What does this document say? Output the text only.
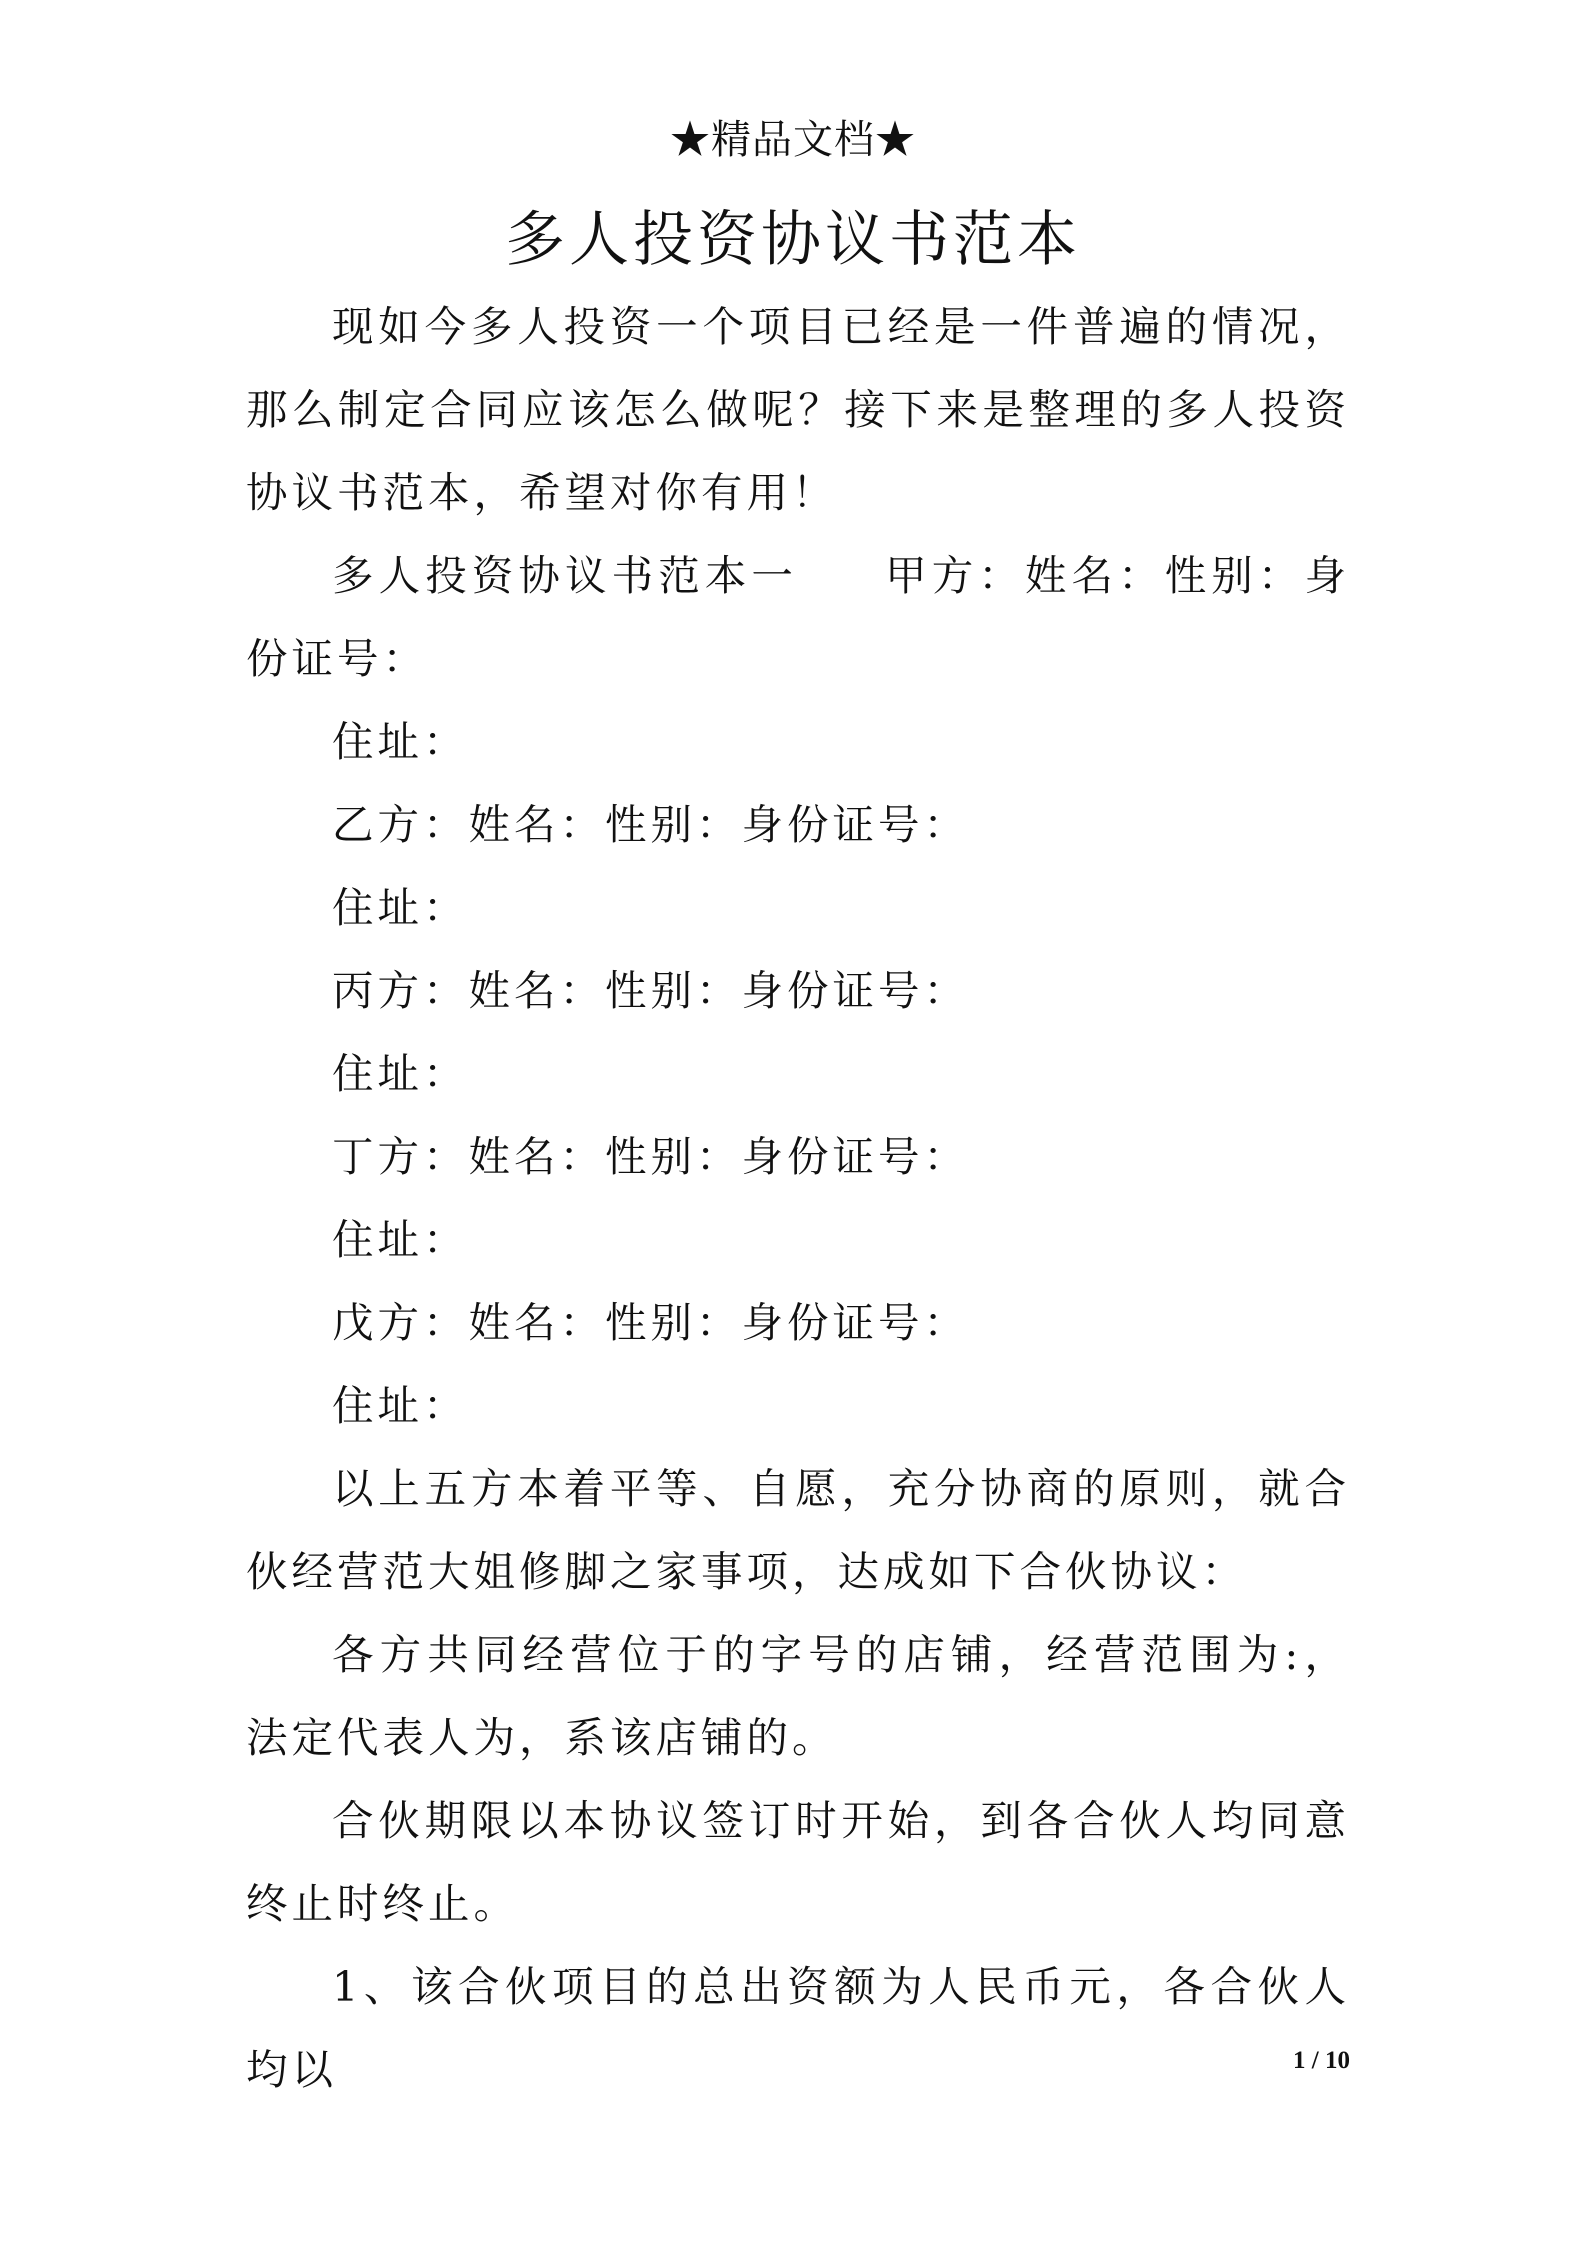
★精品文档★
多人投资协议书范本

现如今多人投资一个项目已经是一件普遍的情况，那么制定合同应该怎么做呢？接下来是整理的多人投资协议书范本，希望对你有用！

多人投资协议书范本一 甲方：姓名：性别：身份证号：

住址：

乙方：姓名：性别：身份证号：

住址：

丙方：姓名：性别：身份证号：

住址：

丁方：姓名：性别：身份证号：

住址：

戊方：姓名：性别：身份证号：

住址：

以上五方本着平等、自愿，充分协商的原则，就合伙经营范大姐修脚之家事项，达成如下合伙协议：

各方共同经营位于的字号的店铺，经营范围为:，法定代表人为，系该店铺的。

合伙期限以本协议签订时开始，到各合伙人均同意终止时终止。

1、该合伙项目的总出资额为人民币元，各合伙人均以	1 / 10
